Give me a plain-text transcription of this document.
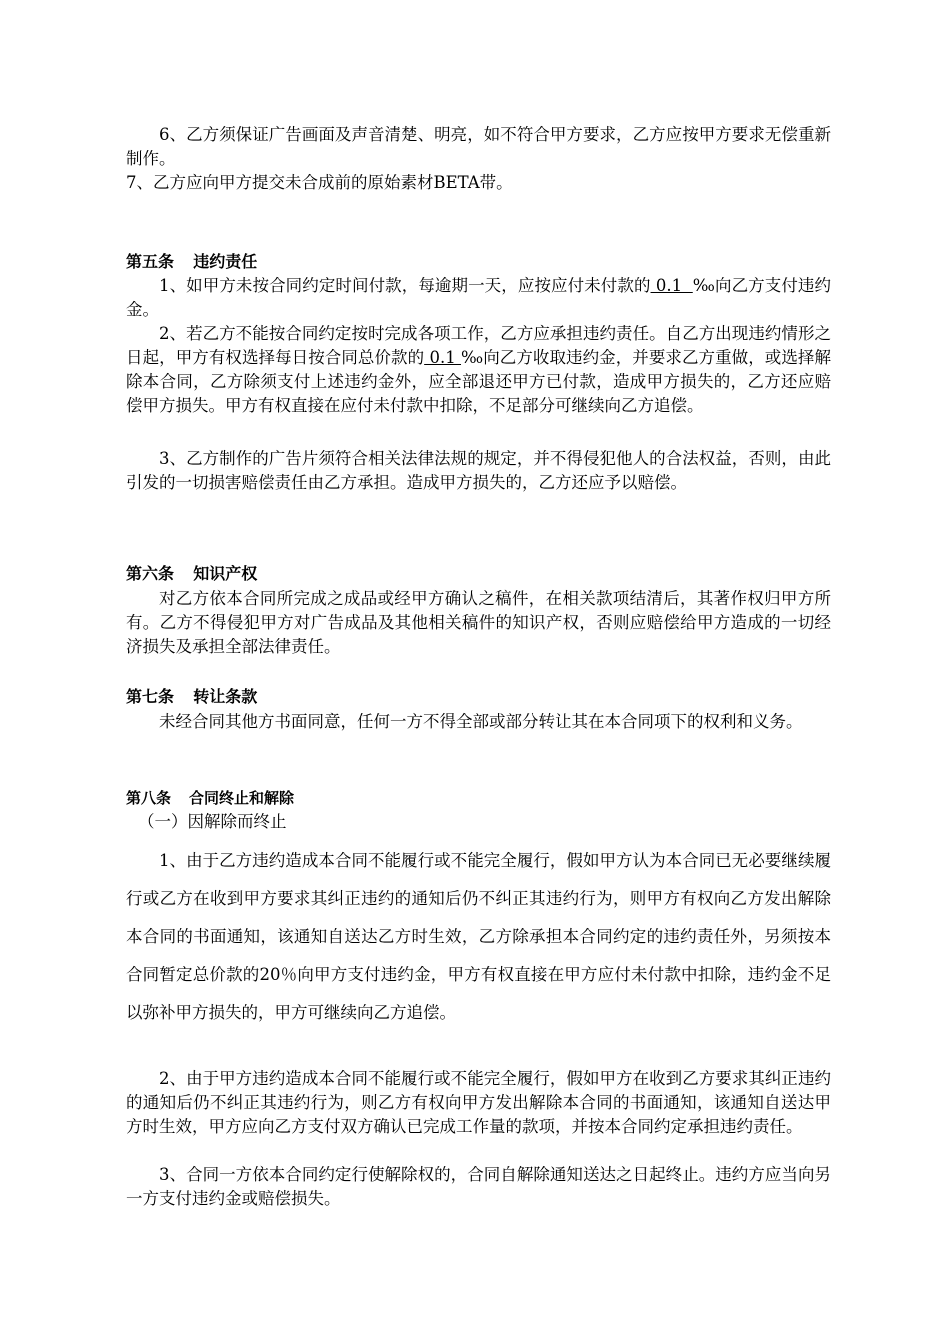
6、乙方须保证广告画面及声音清楚、明亮，如不符合甲方要求，乙方应按甲方要求无偿重新制作。

7、乙方应向甲方提交未合成前的原始素材BETA带。

第五条 违约责任

1、如甲方未按合同约定时间付款，每逾期一天，应按应付未付款的 0.1  ‰向乙方支付违约金。

2、若乙方不能按合同约定按时完成各项工作，乙方应承担违约责任。自乙方出现违约情形之日起，甲方有权选择每日按合同总价款的 0.1 ‰向乙方收取违约金，并要求乙方重做，或选择解除本合同，乙方除须支付上述违约金外，应全部退还甲方已付款，造成甲方损失的，乙方还应赔偿甲方损失。甲方有权直接在应付未付款中扣除，不足部分可继续向乙方追偿。

3、乙方制作的广告片须符合相关法律法规的规定，并不得侵犯他人的合法权益，否则，由此引发的一切损害赔偿责任由乙方承担。造成甲方损失的，乙方还应予以赔偿。

第六条 知识产权

对乙方依本合同所完成之成品或经甲方确认之稿件，在相关款项结清后，其著作权归甲方所有。乙方不得侵犯甲方对广告成品及其他相关稿件的知识产权，否则应赔偿给甲方造成的一切经济损失及承担全部法律责任。

第七条 转让条款

未经合同其他方书面同意，任何一方不得全部或部分转让其在本合同项下的权利和义务。

第八条 合同终止和解除

（一）因解除而终止

1、由于乙方违约造成本合同不能履行或不能完全履行，假如甲方认为本合同已无必要继续履行或乙方在收到甲方要求其纠正违约的通知后仍不纠正其违约行为，则甲方有权向乙方发出解除本合同的书面通知，该通知自送达乙方时生效，乙方除承担本合同约定的违约责任外，另须按本合同暂定总价款的20％向甲方支付违约金，甲方有权直接在甲方应付未付款中扣除，违约金不足以弥补甲方损失的，甲方可继续向乙方追偿。

2、由于甲方违约造成本合同不能履行或不能完全履行，假如甲方在收到乙方要求其纠正违约的通知后仍不纠正其违约行为，则乙方有权向甲方发出解除本合同的书面通知，该通知自送达甲方时生效，甲方应向乙方支付双方确认已完成工作量的款项，并按本合同约定承担违约责任。

3、合同一方依本合同约定行使解除权的，合同自解除通知送达之日起终止。违约方应当向另一方支付违约金或赔偿损失。
